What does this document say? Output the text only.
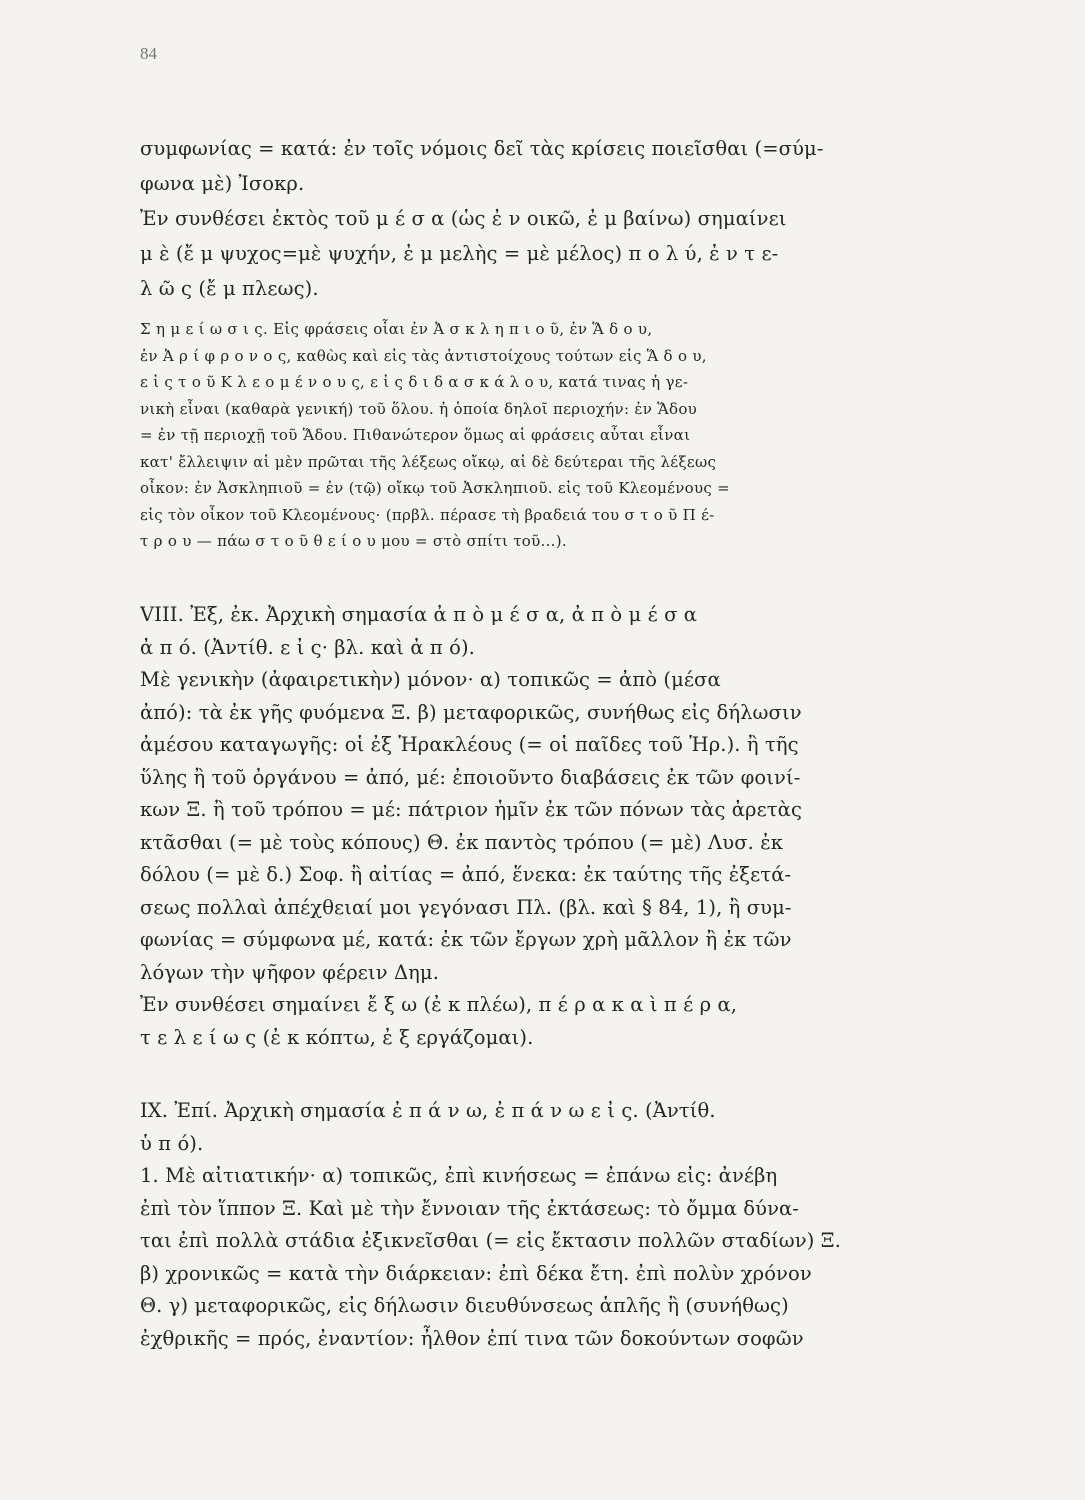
84
συμφωνίας = κατά: ἐν τοῖς νόμοις δεῖ τὰς κρίσεις ποιεῖσθαι (=σύμ-
φωνα μὲ) Ἰσοκρ.
Ἐν συνθέσει ἐκτὸς τοῦ μ έ σ α (ὡς ἐ ν οικῶ, ἐ μ βαίνω) σημαίνει
μ ὲ (ἔ μ ψυχος=μὲ ψυχήν, ἐ μ μελὴς = μὲ μέλος) π ο λ ύ, ἐ ν τ ε-
λ ῶ ς (ἔ μ πλεως).
Σ η μ ε ί ω σ ι ς. Εἰς φράσεις οἷαι ἐν Ἀ σ κ λ η π ι ο ῦ, ἐν Ἅ δ ο υ,
ἐν Ἀ ρ ί φ ρ ο ν ο ς, καθὼς καὶ εἰς τὰς ἀντιστοίχους τούτων εἰς Ἅ δ ο υ,
ε ἰ ς τ ο ῦ Κ λ ε ο μ έ ν ο υ ς, ε ἰ ς δ ι δ α σ κ ά λ ο υ, κατά τινας ἡ γε-
νικὴ εἶναι (καθαρὰ γενική) τοῦ ὅλου. ἡ ὁποία δηλοῖ περιοχήν: ἐν Ἅδου
= ἐν τῇ περιοχῇ τοῦ Ἅδου. Πιθανώτερον ὅμως αἱ φράσεις αὗται εἶναι
κατ' ἔλλειψιν αἱ μὲν πρῶται τῆς λέξεως οἴκῳ, αἱ δὲ δεύτεραι τῆς λέξεως
οἶκον: ἐν Ἀσκληπιοῦ = ἐν (τῷ) οἴκῳ τοῦ Ἀσκληπιοῦ. εἰς τοῦ Κλεομένους =
εἰς τὸν οἶκον τοῦ Κλεομένους· (πρβλ. πέρασε τὴ βραδειά του σ τ ο ῦ Π έ-
τ ρ ο υ — πάω σ τ ο ῦ θ ε ί ο υ μου = στὸ σπίτι τοῦ...).
VIII. Ἐξ, ἐκ. Ἀρχικὴ σημασία ἀ π ὸ μ έ σ α, ἀ π ὸ μ έ σ α
ἀ π ό. (Ἀντίθ. ε ἰ ς· βλ. καὶ ἀ π ό).
Μὲ γενικὴν (ἀφαιρετικὴν) μόνον· α) τοπικῶς = ἀπὸ (μέσα
ἀπό): τὰ ἐκ γῆς φυόμενα Ξ. β) μεταφορικῶς, συνήθως εἰς δήλωσιν
ἀμέσου καταγωγῆς: οἱ ἐξ Ἡρακλέους (= οἱ παῖδες τοῦ Ἡρ.). ἢ τῆς
ὕλης ἢ τοῦ ὀργάνου = ἀπό, μέ: ἐποιοῦντο διαβάσεις ἐκ τῶν φοινί-
κων Ξ. ἢ τοῦ τρόπου = μέ: πάτριον ἡμῖν ἐκ τῶν πόνων τὰς ἀρετὰς
κτᾶσθαι (= μὲ τοὺς κόπους) Θ. ἐκ παντὸς τρόπου (= μὲ) Λυσ. ἐκ
δόλου (= μὲ δ.) Σοφ. ἢ αἰτίας = ἀπό, ἕνεκα: ἐκ ταύτης τῆς ἐξετά-
σεως πολλαὶ ἀπέχθειαί μοι γεγόνασι Πλ. (βλ. καὶ § 84, 1), ἢ συμ-
φωνίας = σύμφωνα μέ, κατά: ἐκ τῶν ἔργων χρὴ μᾶλλον ἢ ἐκ τῶν
λόγων τὴν ψῆφον φέρειν Δημ.
Ἐν συνθέσει σημαίνει ἔ ξ ω (ἐ κ πλέω), π έ ρ α κ α ὶ π έ ρ α,
τ ε λ ε ί ω ς (ἐ κ κόπτω, ἐ ξ εργάζομαι).
IX. Ἐπί. Ἀρχικὴ σημασία ἐ π ά ν ω, ἐ π ά ν ω ε ἰ ς. (Ἀντίθ.
ὑ π ό).
1. Μὲ αἰτιατικήν· α) τοπικῶς, ἐπὶ κινήσεως = ἐπάνω εἰς: ἀνέβη
ἐπὶ τὸν ἵππον Ξ. Καὶ μὲ τὴν ἔννοιαν τῆς ἐκτάσεως: τὸ ὄμμα δύνα-
ται ἐπὶ πολλὰ στάδια ἐξικνεῖσθαι (= εἰς ἔκτασιν πολλῶν σταδίων) Ξ.
β) χρονικῶς = κατὰ τὴν διάρκειαν: ἐπὶ δέκα ἔτη. ἐπὶ πολὺν χρόνον
Θ. γ) μεταφορικῶς, εἰς δήλωσιν διευθύνσεως ἁπλῆς ἢ (συνήθως)
ἐχθρικῆς = πρός, ἐναντίον: ἦλθον ἐπί τινα τῶν δοκούντων σοφῶν
